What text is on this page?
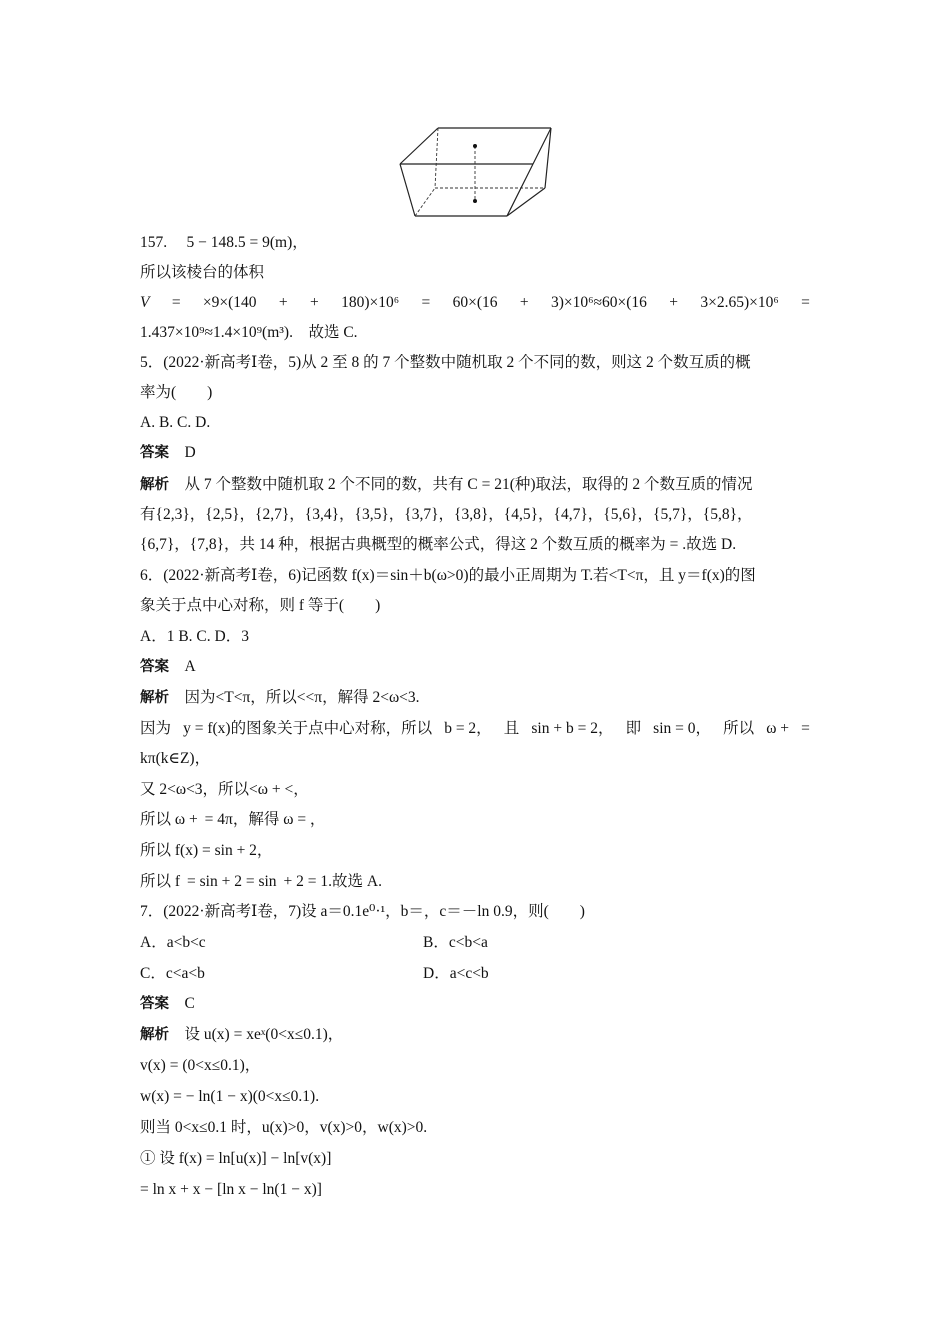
157.  5 − 148.5 = 9(m)，
所以该棱台的体积
V = ×9×(140 + + 180)×10⁶ = 60×(16 + 3)×10⁶≈60×(16 + 3×2.65)×10⁶ =
1.437×10⁹≈1.4×10⁹(m³). 故选 C.
5．(2022·新高考Ⅰ卷，5)从 2 至 8 的 7 个整数中随机取 2 个不同的数，则这 2 个数互质的概
率为(  )
A. B. C. D.
答案  D
解析  从 7 个整数中随机取 2 个不同的数，共有 C = 21(种)取法，取得的 2 个数互质的情况
有{2,3}，{2,5}，{2,7}，{3,4}，{3,5}，{3,7}，{3,8}，{4,5}，{4,7}，{5,6}，{5,7}，{5,8}，
{6,7}，{7,8}，共 14 种，根据古典概型的概率公式，得这 2 个数互质的概率为 = .故选 D.
6．(2022·新高考Ⅰ卷，6)记函数 f(x)＝sin＋b(ω>0)的最小正周期为 T.若<T<π，且 y＝f(x)的图
象关于点中心对称，则 f 等于(  )
A．1 B. C. D．3
答案  A
解析  因为<T<π，所以<<π，解得 2<ω<3.
因为 y = f(x)的图象关于点中心对称，所以 b = 2， 且 sin + b = 2， 即 sin = 0， 所以 ω + =
kπ(k∈Z)，
又 2<ω<3，所以<ω + <，
所以 ω +  = 4π，解得 ω = ，
所以 f(x) = sin + 2，
所以 f  = sin + 2 = sin  + 2 = 1.故选 A.
7．(2022·新高考Ⅰ卷，7)设 a＝0.1e⁰·¹，b＝，c＝－ln 0.9，则(  )
A．a<b<c	B．c<b<a
C．c<a<b	D．a<c<b
答案  C
解析  设 u(x) = xeˣ(0<x≤0.1)，
v(x) = (0<x≤0.1)，
w(x) = − ln(1 − x)(0<x≤0.1).
则当 0<x≤0.1 时，u(x)>0，v(x)>0，w(x)>0.
① 设 f(x) = ln[u(x)] − ln[v(x)]
= ln x + x − [ln x − ln(1 − x)]
